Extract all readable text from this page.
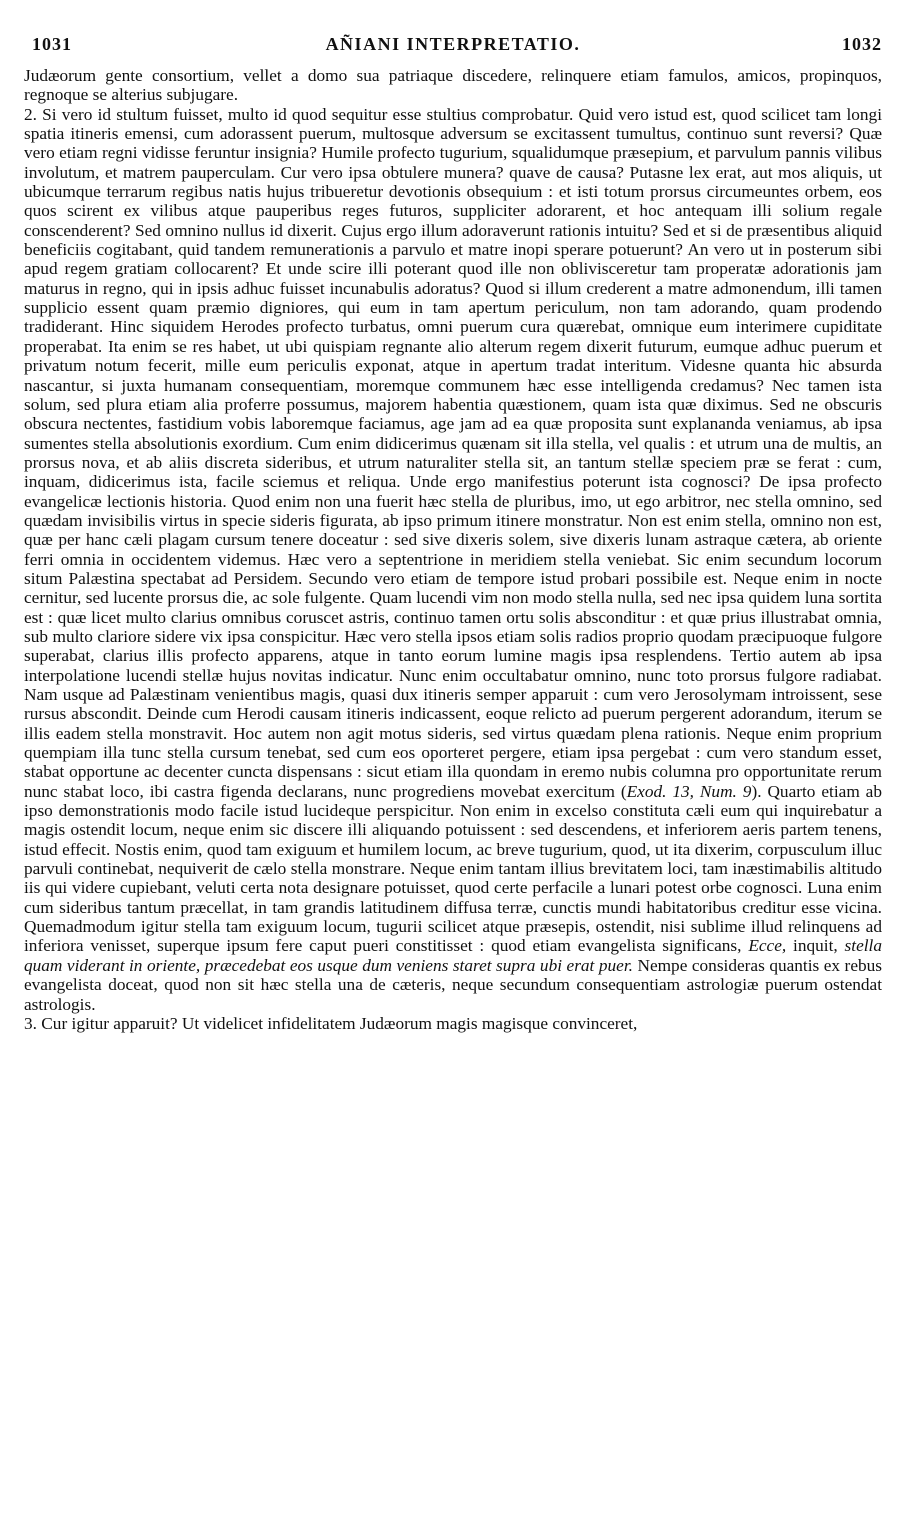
1031	AÑIANI INTERPRETATIO.	1032

Judæorum gente consortium, vellet a domo sua patriaque discedere, relinquere etiam famulos, amicos, propinquos, regnoque se alterius subjugare.

2. Si vero id stultum fuisset, multo id quod sequitur esse stultius comprobatur. Quid vero istud est, quod scilicet tam longi spatia itineris emensi, cum adorassent puerum, multosque adversum se excitassent tumultus, continuo sunt reversi? Quæ vero etiam regni vidisse feruntur insignia? Humile profecto tugurium, squalidumque præsepium, et parvulum pannis vilibus involutum, et matrem pauperculam. Cur vero ipsa obtulere munera? quave de causa? Putasne lex erat, aut mos aliquis, ut ubicumque terrarum regibus natis hujus tribueretur devotionis obsequium : et isti totum prorsus circumeuntes orbem, eos quos scirent ex vilibus atque pauperibus reges futuros, suppliciter adorarent, et hoc antequam illi solium regale conscenderent? Sed omnino nullus id dixerit. Cujus ergo illum adoraverunt rationis intuitu? Sed et si de præsentibus aliquid beneficiis cogitabant, quid tandem remunerationis a parvulo et matre inopi sperare potuerunt? An vero ut in posterum sibi apud regem gratiam collocarent? Et unde scire illi poterant quod ille non oblivisceretur tam properatæ adorationis jam maturus in regno, qui in ipsis adhuc fuisset incunabulis adoratus? Quod si illum crederent a matre admonendum, illi tamen supplicio essent quam præmio digniores, qui eum in tam apertum periculum, non tam adorando, quam prodendo tradiderant. Hinc siquidem Herodes profecto turbatus, omni puerum cura quærebat, omnique eum interimere cupiditate properabat. Ita enim se res habet, ut ubi quispiam regnante alio alterum regem dixerit futurum, eumque adhuc puerum et privatum notum fecerit, mille eum periculis exponat, atque in apertum tradat interitum. Videsne quanta hic absurda nascantur, si juxta humanam consequentiam, moremque communem hæc esse intelligenda credamus? Nec tamen ista solum, sed plura etiam alia proferre possumus, majorem habentia quæstionem, quam ista quæ diximus. Sed ne obscuris obscura nectentes, fastidium vobis laboremque faciamus, age jam ad ea quæ proposita sunt explananda veniamus, ab ipsa sumentes stella absolutionis exordium. Cum enim didicerimus quænam sit illa stella, vel qualis : et utrum una de multis, an prorsus nova, et ab aliis discreta sideribus, et utrum naturaliter stella sit, an tantum stellæ speciem præ se ferat : cum, inquam, didicerimus ista, facile sciemus et reliqua. Unde ergo manifestius poterunt ista cognosci? De ipsa profecto evangelicæ lectionis historia. Quod enim non una fuerit hæc stella de pluribus, imo, ut ego arbitror, nec stella omnino, sed quædam invisibilis virtus in specie sideris figurata, ab ipso primum itinere monstratur. Non est enim stella, omnino non est, quæ per hanc cæli plagam cursum tenere doceatur : sed sive dixeris solem, sive dixeris lunam astraque cætera, ab oriente ferri omnia in occidentem videmus. Hæc vero a septentrione in meridiem stella veniebat. Sic enim secundum locorum situm Palæstina spectabat ad Persidem. Secundo vero etiam de tempore istud probari possibile est. Neque enim in nocte cernitur, sed lucente prorsus die, ac sole fulgente. Quam lucendi vim non modo stella nulla, sed nec ipsa quidem luna sortita est : quæ licet multo clarius omnibus coruscet astris, continuo tamen ortu solis absconditur : et quæ prius illustrabat omnia, sub multo clariore sidere vix ipsa conspicitur. Hæc vero stella ipsos etiam solis radios proprio quodam præcipuoque fulgore superabat, clarius illis profecto apparens, atque in tanto eorum lumine magis ipsa resplendens. Tertio autem ab ipsa interpolatione lucendi stellæ hujus novitas indicatur. Nunc enim occultabatur omnino, nunc toto prorsus fulgore radiabat. Nam usque ad Palæstinam venientibus magis, quasi dux itineris semper apparuit : cum vero Jerosolymam introissent, sese rursus abscondit. Deinde cum Herodi causam itineris indicassent, eoque relicto ad puerum pergerent adorandum, iterum se illis eadem stella monstravit. Hoc autem non agit motus sideris, sed virtus quædam plena rationis. Neque enim proprium quempiam illa tunc stella cursum tenebat, sed cum eos oporteret pergere, etiam ipsa pergebat : cum vero standum esset, stabat opportune ac decenter cuncta dispensans : sicut etiam illa quondam in eremo nubis columna pro opportunitate rerum nunc stabat loco, ibi castra figenda declarans, nunc progrediens movebat exercitum (Exod. 13, Num. 9). Quarto etiam ab ipso demonstrationis modo facile istud lucideque perspicitur. Non enim in excelso constituta cæli eum qui inquirebatur a magis ostendit locum, neque enim sic discere illi aliquando potuissent : sed descendens, et inferiorem aeris partem tenens, istud effecit. Nostis enim, quod tam exiguum et humilem locum, ac breve tugurium, quod, ut ita dixerim, corpusculum illuc parvuli continebat, nequiverit de cælo stella monstrare. Neque enim tantam illius brevitatem loci, tam inæstimabilis altitudo iis qui videre cupiebant, veluti certa nota designare potuisset, quod certe perfacile a lunari potest orbe cognosci. Luna enim cum sideribus tantum præcellat, in tam grandis latitudinem diffusa terræ, cunctis mundi habitatoribus creditur esse vicina. Quemadmodum igitur stella tam exiguum locum, tugurii scilicet atque præsepis, ostendit, nisi sublime illud relinquens ad inferiora venisset, superque ipsum fere caput pueri constitisset : quod etiam evangelista significans, Ecce, inquit, stella quam viderant in oriente, præcedebat eos usque dum veniens staret supra ubi erat puer. Nempe consideras quantis ex rebus evangelista doceat, quod non sit hæc stella una de cæteris, neque secundum consequentiam astrologiæ puerum ostendat astrologis.

3. Cur igitur apparuit? Ut videlicet infidelitatem Judæorum magis magisque convinceret,
